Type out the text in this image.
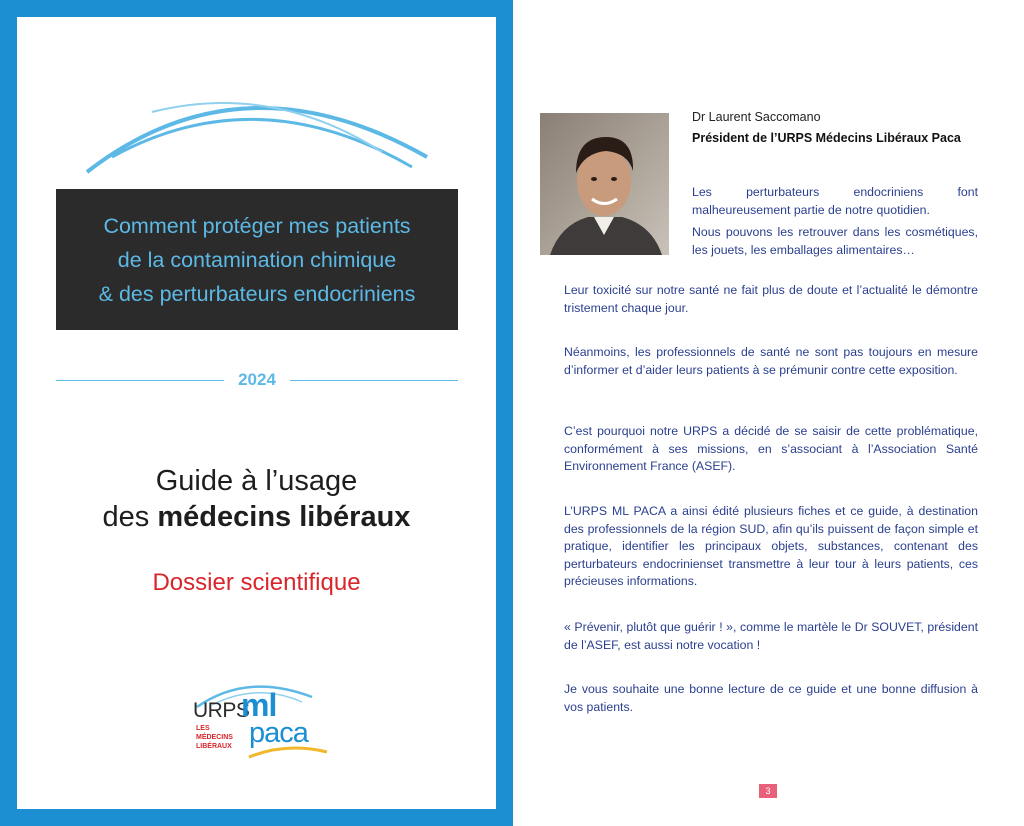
Comment protéger mes patients
de la contamination chimique
& des perturbateurs endocriniens
2024
Guide à l’usage
des médecins libéraux
Dossier scientifique
URPS
ml
paca
LES
MÉDECINS
LIBÉRAUX
Dr Laurent Saccomano
Président de l’URPS Médecins Libéraux Paca
Les perturbateurs endocriniens font malheureusement partie de notre quotidien.
Nous pouvons les retrouver dans les cosmétiques, les jouets, les emballages alimentaires…
Leur toxicité sur notre santé ne fait plus de doute et l’actualité le démontre tristement chaque jour.
Néanmoins, les professionnels de santé ne sont pas toujours en mesure d’informer et d’aider leurs patients à se prémunir contre cette exposition.
C’est pourquoi notre URPS a décidé de se saisir de cette problématique, conformément à ses missions, en s’associant à l’Association Santé Environnement France (ASEF).
L’URPS ML PACA a ainsi édité plusieurs fiches et ce guide, à destination des professionnels de la région SUD, afin qu’ils puissent de façon simple et pratique, identifier les principaux objets, substances, contenant des perturbateurs endocrinienset transmettre à leur tour à leurs patients, ces précieuses informations.
« Prévenir, plutôt que guérir ! », comme le martèle le Dr SOUVET, président de l’ASEF, est aussi notre vocation !
Je vous souhaite une bonne lecture de ce guide et une bonne diffusion à vos patients.
3
